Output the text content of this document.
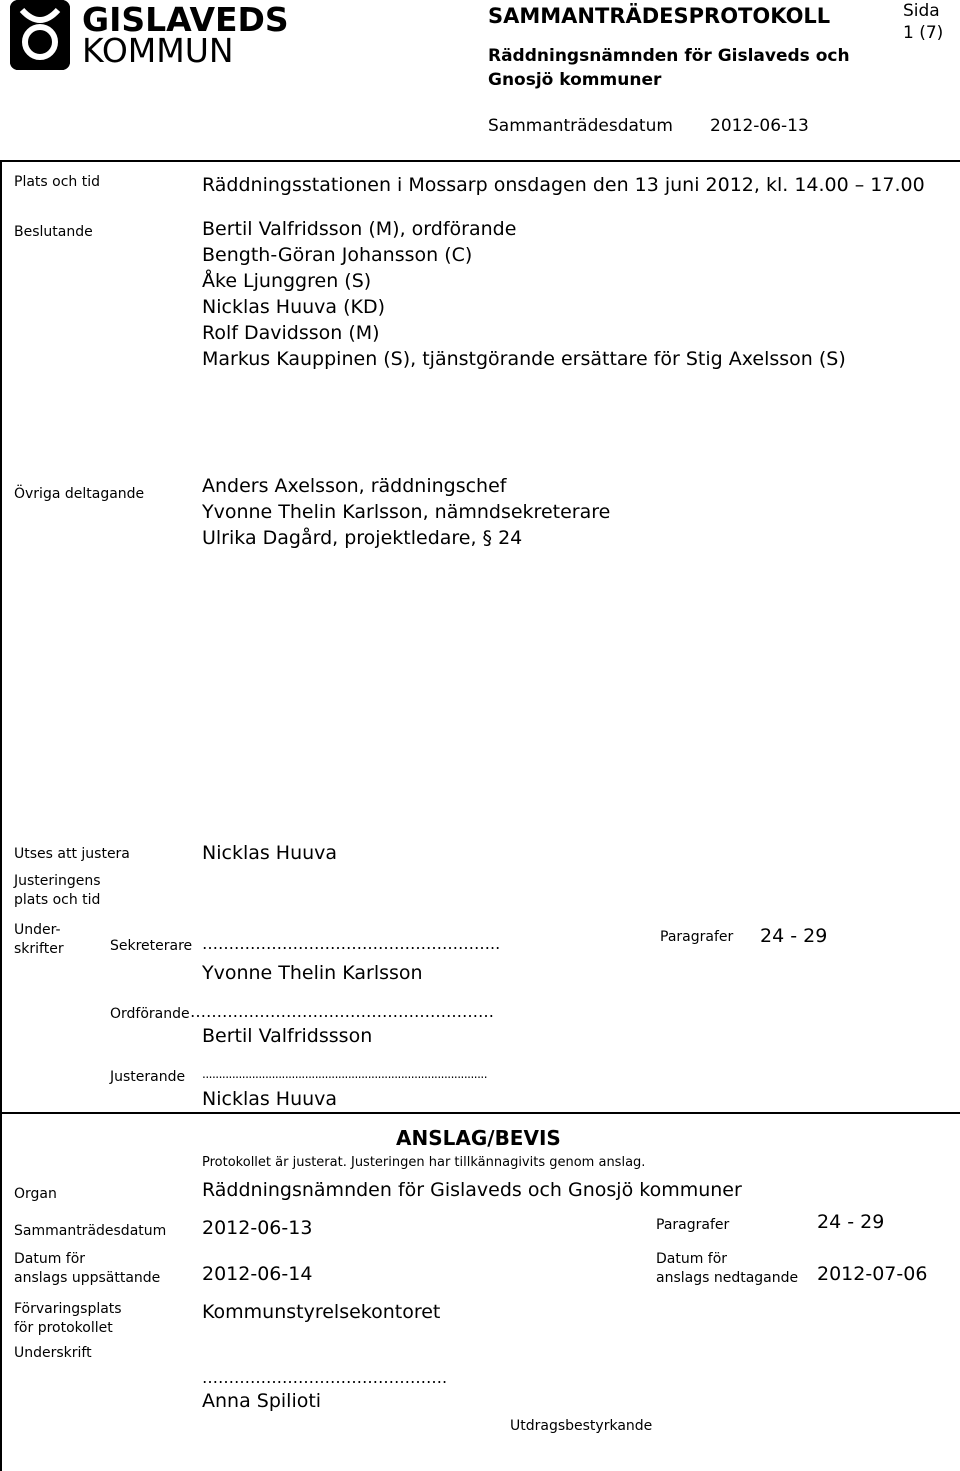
GISLAVEDS
KOMMUN
SAMMANTRÄDESPROTOKOLL
Räddningsnämnden för Gislaveds och
Gnosjö kommuner
Sida
1 (7)
Sammanträdesdatum 2012-06-13
Plats och tid	Räddningsstationen i Mossarp onsdagen den 13 juni 2012, kl. 14.00 – 17.00
Beslutande	Bertil Valfridsson (M), ordförande
Bength-Göran Johansson (C)
Åke Ljunggren (S)
Nicklas Huuva (KD)
Rolf Davidsson (M)
Markus Kauppinen (S), tjänstgörande ersättare för Stig Axelsson (S)
Övriga deltagande	Anders Axelsson, räddningschef
Yvonne Thelin Karlsson, nämndsekreterare
Ulrika Dagård, projektledare, § 24
Utses att justera	Nicklas Huuva
Justeringens
plats och tid
Under-
skrifter	Sekreterare ………………………………………………..
Yvonne Thelin Karlsson
Paragrafer 24 - 29
Ordförande …………………………………………………
Bertil Valfridssson
Justerande ......................................................................................
Nicklas Huuva
ANSLAG/BEVIS
Protokollet är justerat. Justeringen har tillkännagivits genom anslag.
Organ	Räddningsnämnden för Gislaveds och Gnosjö kommuner
Sammanträdesdatum 2012-06-13	Paragrafer	24 - 29
Datum för
anslags uppsättande 2012-06-14
Datum för
anslags nedtagande 2012-07-06
Förvaringsplats
för protokollet
Kommunstyrelsekontoret
Underskrift
……………………………………….
Anna Spilioti
Utdragsbestyrkande
